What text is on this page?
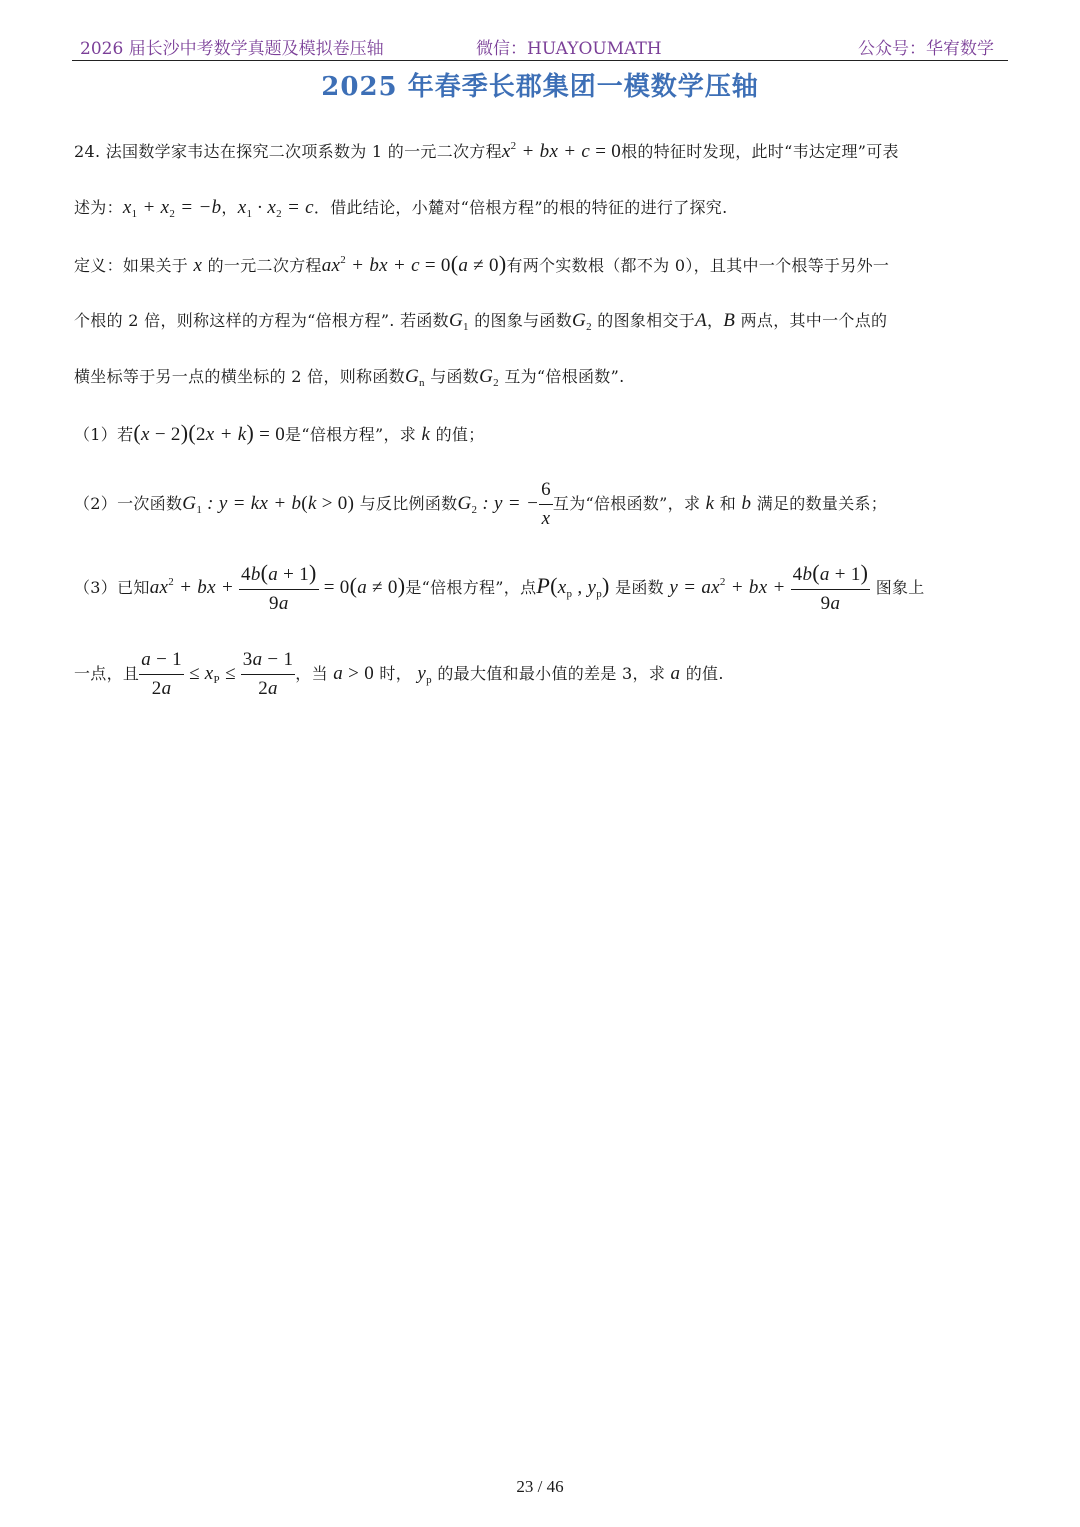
2026 届长沙中考数学真题及模拟卷压轴	微信：HUAYOUMATH	公众号：华宥数学
2025 年春季长郡集团一模数学压轴
24. 法国数学家韦达在探究二次项系数为 1 的一元二次方程$x^2$ + bx + c = 0根的特征时发现，此时“韦达定理”可表
述为：$x_1 + x_2 = -b$，$x_1 \cdot x_2 = c$．借此结论，小麓对“倍根方程”的根的特征的进行了探究.
定义：如果关于 x 的一元二次方程$ax^2$ + bx + c = 0(a ≠ 0)有两个实数根（都不为 0），且其中一个根等于另外一
个根的 2 倍，则称这样的方程为“倍根方程”. 若函数$G_1$ 的图象与函数$G_2$ 的图象相交于A，B 两点，其中一个点的
横坐标等于另一点的横坐标的 2 倍，则称函数$G_n$ 与函数$G_2$ 互为“倍根函数”.
（1）若(x − 2)(2x + k) = 0是“倍根方程”，求 k 的值；
（2）一次函数$G_1$ : y = kx + b(k > 0) 与反比例函数$G_2$ : y = − $\frac{6}{x}$ 互为“倍根函数”，求 k 和 b 满足的数量关系；
（3）已知$ax^2$ + bx + $\frac{4b(a + 1)}{9a} = 0(a \ne 0)$是“倍根方程”，点$P(x_p$ , $y_p$) 是函数 $y = ax^2$ + bx + $\frac{4b(a + 1)}{9a}$ 图象上
一点，且 $\frac{a - 1}{2a} \le x_P \le \frac{3a - 1}{2a}$ ，当 a > 0 时， $y_p$ 的最大值和最小值的差是 3，求 a 的值.
23 / 46
